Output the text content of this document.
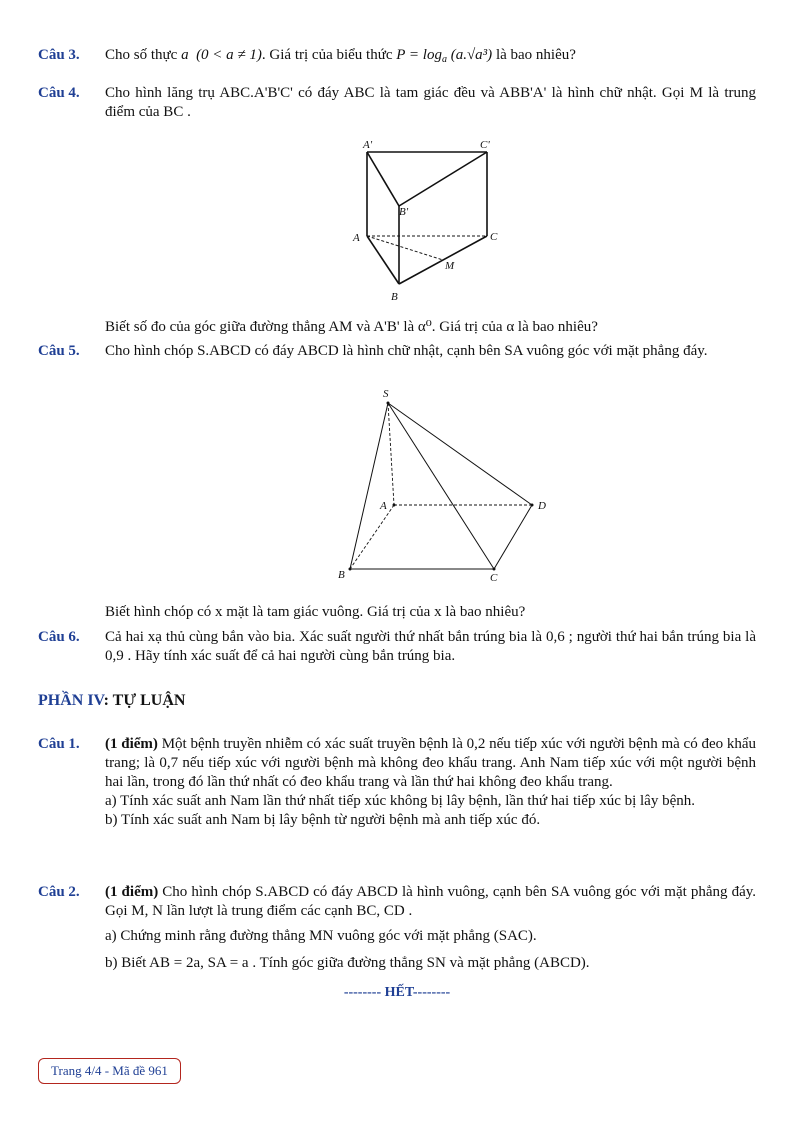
Câu 3. Cho số thực a (0 < a ≠ 1). Giá trị của biểu thức $P = \log_a (a.√a^3)$ là bao nhiêu?
Câu 4. Cho hình lăng trụ ABC.A'B'C' có đáy ABC là tam giác đều và ABB'A' là hình chữ nhật. Gọi M là trung điểm của BC .
A'	C'
B'
A	C
M
B
Biết số đo của góc giữa đường thẳng AM và A'B' là α⁰. Giá trị của α là bao nhiêu?
Câu 5. Cho hình chóp S.ABCD có đáy ABCD là hình chữ nhật, cạnh bên SA vuông góc với mặt phẳng đáy.
S
A	D
B	C
Biết hình chóp có x mặt là tam giác vuông. Giá trị của x là bao nhiêu?
Câu 6. Cả hai xạ thủ cùng bắn vào bia. Xác suất người thứ nhất bắn trúng bia là 0,6 ; người thứ hai bắn trúng bia là 0,9 . Hãy tính xác suất để cả hai người cùng bắn trúng bia.
PHẦN IV: TỰ LUẬN
Câu 1. (1 điểm) Một bệnh truyền nhiễm có xác suất truyền bệnh là 0,2 nếu tiếp xúc với người bệnh mà có đeo khẩu trang; là 0,7 nếu tiếp xúc với người bệnh mà không đeo khẩu trang. Anh Nam tiếp xúc với một người bệnh hai lần, trong đó lần thứ nhất có đeo khẩu trang và lần thứ hai không đeo khẩu trang.
a) Tính xác suất anh Nam lần thứ nhất tiếp xúc không bị lây bệnh, lần thứ hai tiếp xúc bị lây bệnh.
b) Tính xác suất anh Nam bị lây bệnh từ người bệnh mà anh tiếp xúc đó.
Câu 2. (1 điểm) Cho hình chóp S.ABCD có đáy ABCD là hình vuông, cạnh bên SA vuông góc với mặt phẳng đáy. Gọi M, N lần lượt là trung điểm các cạnh BC, CD .
a) Chứng minh rằng đường thẳng MN vuông góc với mặt phẳng (SAC).
b) Biết AB = 2a, SA = a . Tính góc giữa đường thẳng SN và mặt phẳng (ABCD).
-------- HẾT--------
Trang 4/4 - Mã đề 961
